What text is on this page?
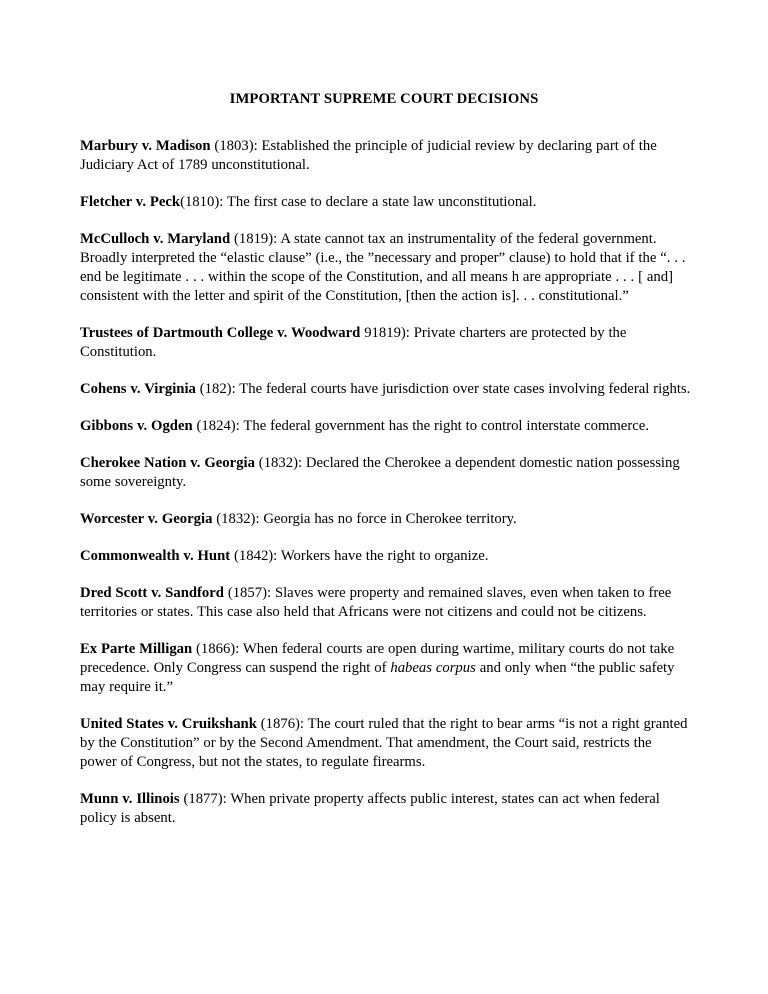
IMPORTANT SUPREME COURT DECISIONS

Marbury v. Madison (1803): Established the principle of judicial review by declaring part of the Judiciary Act of 1789 unconstitutional.

Fletcher v. Peck(1810): The first case to declare a state law unconstitutional.

McCulloch v. Maryland (1819): A state cannot tax an instrumentality of the federal government. Broadly interpreted the “elastic clause” (i.e., the ”necessary and proper” clause) to hold that if the “. . . end be legitimate . . . within the scope of the Constitution, and all means h are appropriate . . . [ and] consistent with the letter and spirit of the Constitution, [then the action is]. . . constitutional.”

Trustees of Dartmouth College v. Woodward 91819): Private charters are protected by the Constitution.

Cohens v. Virginia (182): The federal courts have jurisdiction over state cases involving federal rights.

Gibbons v. Ogden (1824): The federal government has the right to control interstate commerce.

Cherokee Nation v. Georgia (1832): Declared the Cherokee a dependent domestic nation possessing some sovereignty.

Worcester v. Georgia (1832): Georgia has no force in Cherokee territory.

Commonwealth v. Hunt (1842): Workers have the right to organize.

Dred Scott v. Sandford (1857): Slaves were property and remained slaves, even when taken to free territories or states. This case also held that Africans were not citizens and could not be citizens.

Ex Parte Milligan (1866): When federal courts are open during wartime, military courts do not take precedence. Only Congress can suspend the right of habeas corpus and only when “the public safety may require it.”

United States v. Cruikshank (1876): The court ruled that the right to bear arms “is not a right granted by the Constitution” or by the Second Amendment. That amendment, the Court said, restricts the power of Congress, but not the states, to regulate firearms.

Munn v. Illinois (1877): When private property affects public interest, states can act when federal policy is absent.
